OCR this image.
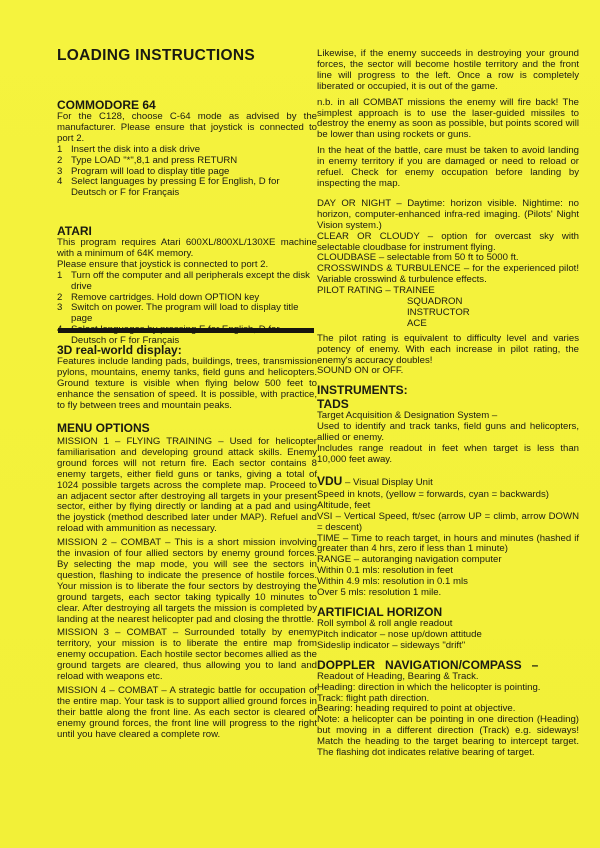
LOADING INSTRUCTIONS
COMMODORE 64

For the C128, choose C-64 mode as advised by the manufacturer. Please ensure that joystick is connected to port 2.

1 Insert the disk into a disk drive
2 Type LOAD "*",8,1 and press RETURN
3 Program will load to display title page
4 Select languages by pressing E for English, D for Deutsch or F for Français
ATARI

This program requires Atari 600XL/800XL/130XE machine with a minimum of 64K memory.

Please ensure that joystick is connected to port 2.

1 Turn off the computer and all peripherals except the disk drive
2 Remove cartridges. Hold down OPTION key
3 Switch on power. The program will load to display title page
Deutsch or F for Français
3D real-world display:

Features include landing pads, buildings, trees, transmission pylons, mountains, enemy tanks, field guns and helicopters. Ground texture is visible when flying below 500 feet to enhance the sensation of speed. It is possible, with practice, to fly between trees and mountain peaks.

MENU OPTIONS

MISSION 1 – FLYING TRAINING – Used for helicopter familiarisation and developing ground attack skills. Enemy ground forces will not return fire. Each sector contains 8 enemy targets, either field guns or tanks, giving a total of 1024 possible targets across the complete map. Proceed to an adjacent sector after destroying all targets in your present sector, either by flying directly or landing at a pad and using the joystick (method described later under MAP). Refuel and reload with ammunition as necessary.

MISSION 2 – COMBAT – This is a short mission involving the invasion of four allied sectors by enemy ground forces. By selecting the map mode, you will see the sectors in question, flashing to indicate the presence of hostile forces. Your mission is to liberate the four sectors by destroying the ground targets, each sector taking typically 10 minutes to clear. After destroying all targets the mission is completed by landing at the nearest helicopter pad and closing the throttle.

MISSION 3 – COMBAT – Surrounded totally by enemy territory, your mission is to liberate the entire map from enemy occupation. Each hostile sector becomes allied as the ground targets are cleared, thus allowing you to land and reload with weapons etc.

MISSION 4 – COMBAT – A strategic battle for occupation of the entire map. Your task is to support allied ground forces in their battle along the front line. As each sector is cleared of enemy ground forces, the front line will progress to the right until you have cleared a complete row.

Likewise, if the enemy succeeds in destroying your ground forces, the sector will become hostile territory and the front line will progress to the left. Once a row is completely liberated or occupied, it is out of the game.

n.b. in all COMBAT missions the enemy will fire back! The simplest approach is to use the laser-guided missiles to destroy the enemy as soon as possible, but points scored will be lower than using rockets or guns.

In the heat of the battle, care must be taken to avoid landing in enemy territory if you are damaged or need to reload or refuel. Check for enemy occupation before landing by inspecting the map.

DAY OR NIGHT – Daytime: horizon visible. Nightime: no horizon, computer-enhanced infra-red imaging. (Pilots' Night Vision system.)

CLEAR OR CLOUDY – option for overcast sky with selectable cloudbase for instrument flying.

CLOUDBASE – selectable from 50 ft to 5000 ft.

CROSSWINDS & TURBULENCE – for the experienced pilot! Variable crosswind & turbulence effects.

PILOT RATING – TRAINEE

SQUADRON

INSTRUCTOR

ACE

The pilot rating is equivalent to difficulty level and varies potency of enemy. With each increase in pilot rating, the enemy's accuracy doubles!

SOUND ON or OFF.

INSTRUMENTS:
TADS

Target Acquisition & Designation System –

Used to identify and track tanks, field guns and helicopters, allied or enemy.

Includes range readout in feet when target is less than 10,000 feet away.

VDU – Visual Display Unit

Speed in knots, (yellow = forwards, cyan = backwards)

Altitude, feet

VSI – Vertical Speed, ft/sec (arrow UP = climb, arrow DOWN = descent)

TIME – Time to reach target, in hours and minutes (hashed if greater than 4 hrs, zero if less than 1 minute)

RANGE – autoranging navigation computer

Within 0.1 mls: resolution in feet

Within 4.9 mls: resolution in 0.1 mls

Over 5 mls: resolution 1 mile.

ARTIFICIAL HORIZON

Roll symbol & roll angle readout

Pitch indicator – nose up/down attitude

Sideslip indicator – sideways "drift"

DOPPLER   NAVIGATION/COMPASS   –

Readout of Heading, Bearing & Track.

Heading: direction in which the helicopter is pointing.

Track: flight path direction.

Bearing: heading required to point at objective.

Note: a helicopter can be pointing in one direction (Heading) but moving in a different direction (Track) e.g. sideways! Match the heading to the target bearing to intercept target. The flashing dot indicates relative bearing of target.
